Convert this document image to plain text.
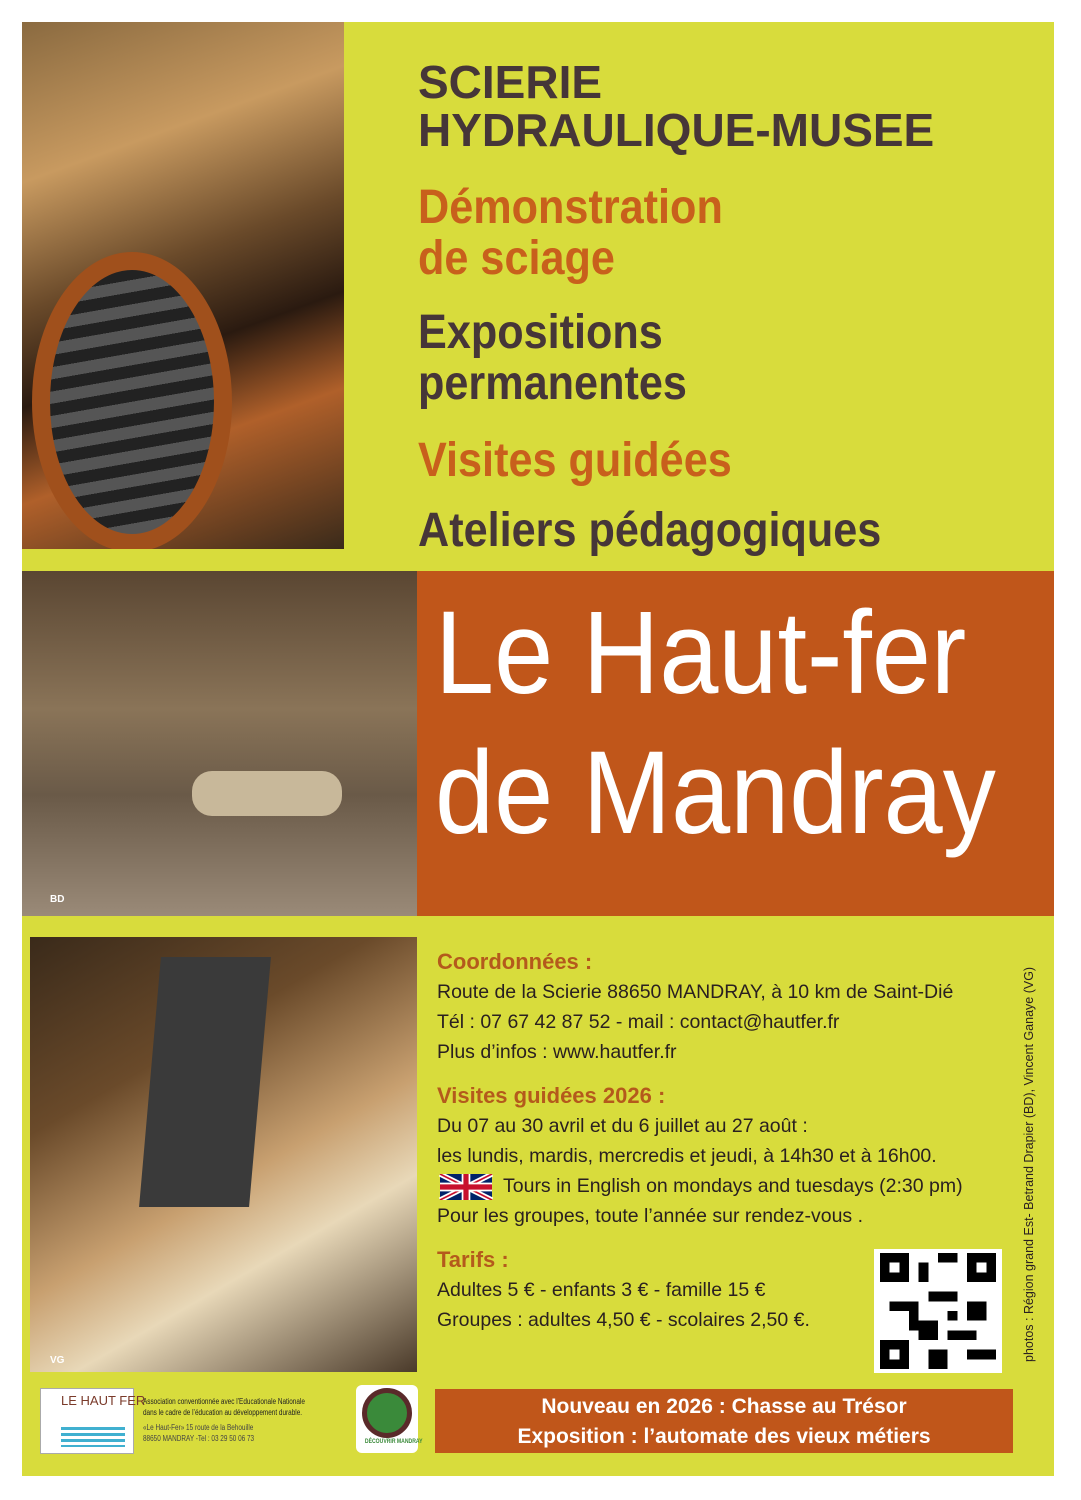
BD
VG
SCIERIE
HYDRAULIQUE-MUSEE
Démonstration
de sciage
Expositions
permanentes
Visites guidées
Ateliers pédagogiques
Le Haut-fer
de Mandray
Coordonnées :
Route de la Scierie 88650 MANDRAY, à 10 km de Saint-Dié
Tél : 07 67 42 87 52 - mail : contact@hautfer.fr
Plus d’infos : www.hautfer.fr
Visites guidées 2026 :
Du 07 au 30 avril et du 6 juillet au 27 août :
les lundis, mardis, mercredis et jeudi, à 14h30 et à 16h00.
Tours in English on mondays and tuesdays (2:30 pm)
Pour les groupes, toute l’année sur rendez-vous .
Tarifs :
Adultes 5 € - enfants 3 € - famille 15 €
Groupes : adultes 4,50 € - scolaires 2,50 €.	photos : Région grand Est- Betrand Drapier (BD), Vincent Ganaye (VG)
Nouveau en 2026 : Chasse au Trésor
Exposition : l’automate des vieux métiers
LE HAUT FER
Association conventionnée avec l’Educationale Nationale
dans le cadre de l’éducation au développement durable.
«Le Haut-Fer» 15 route de la Behouille
88650 MANDRAY -Tel : 03 29 50 06 73	DÉCOUVRIR MANDRAY
